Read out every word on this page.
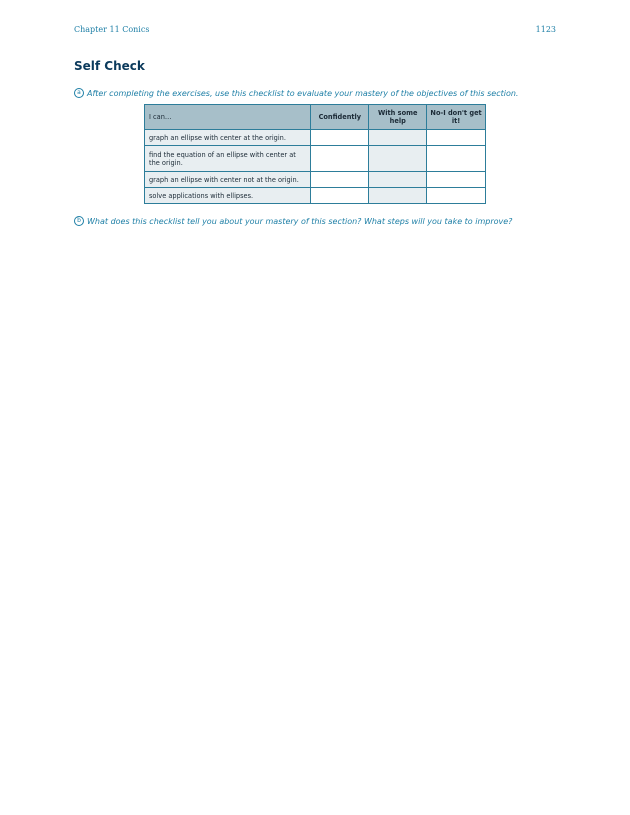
Chapter 11 Conics	1123
Self Check
a After completing the exercises, use this checklist to evaluate your mastery of the objectives of this section.
I can…	Confidently	With some help	No-I don't get it!
graph an ellipse with center at the origin.			
find the equation of an ellipse with center at the origin.			
graph an ellipse with center not at the origin.			
solve applications with ellipses.			
b What does this checklist tell you about your mastery of this section? What steps will you take to improve?
